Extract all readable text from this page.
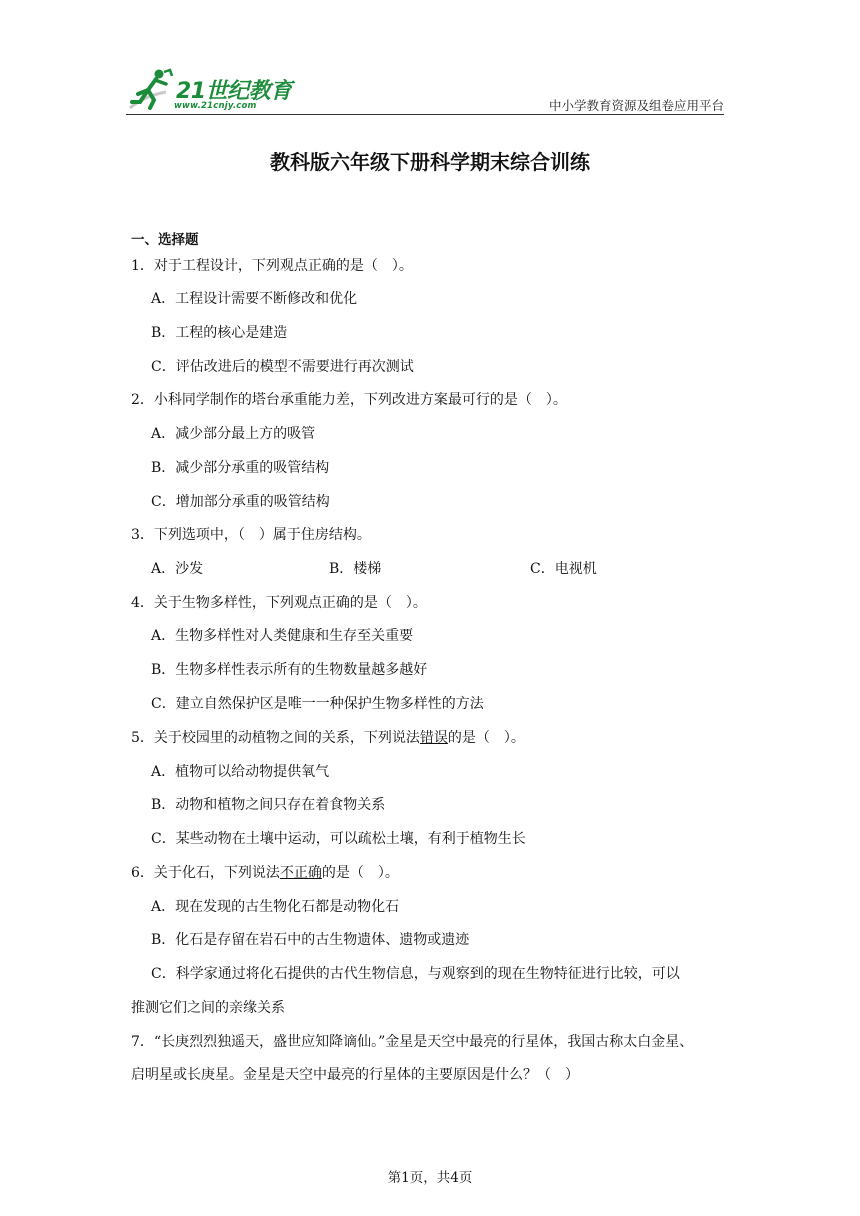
21世纪教育
www.21cnjy.com	中小学教育资源及组卷应用平台
教科版六年级下册科学期末综合训练
一、选择题
1．对于工程设计，下列观点正确的是（　）。
A．工程设计需要不断修改和优化
B．工程的核心是建造
C．评估改进后的模型不需要进行再次测试
2．小科同学制作的塔台承重能力差，下列改进方案最可行的是（　）。
A．减少部分最上方的吸管
B．减少部分承重的吸管结构
C．增加部分承重的吸管结构
3．下列选项中，（　）属于住房结构。
A．沙发	B．楼梯	C．电视机
4．关于生物多样性，下列观点正确的是（　）。
A．生物多样性对人类健康和生存至关重要
B．生物多样性表示所有的生物数量越多越好
C．建立自然保护区是唯一一种保护生物多样性的方法
5．关于校园里的动植物之间的关系，下列说法错误的是（　）。
A．植物可以给动物提供氧气
B．动物和植物之间只存在着食物关系
C．某些动物在土壤中运动，可以疏松土壤，有利于植物生长
6．关于化石，下列说法不正确的是（　）。
A．现在发现的古生物化石都是动物化石
B．化石是存留在岩石中的古生物遗体、遗物或遗迹
C．科学家通过将化石提供的古代生物信息，与观察到的现在生物特征进行比较，可以
推测它们之间的亲缘关系
7．“长庚烈烈独遥天，盛世应知降谪仙。”金星是天空中最亮的行星体，我国古称太白金星、
启明星或长庚星。金星是天空中最亮的行星体的主要原因是什么？（　）
第1页，共4页
